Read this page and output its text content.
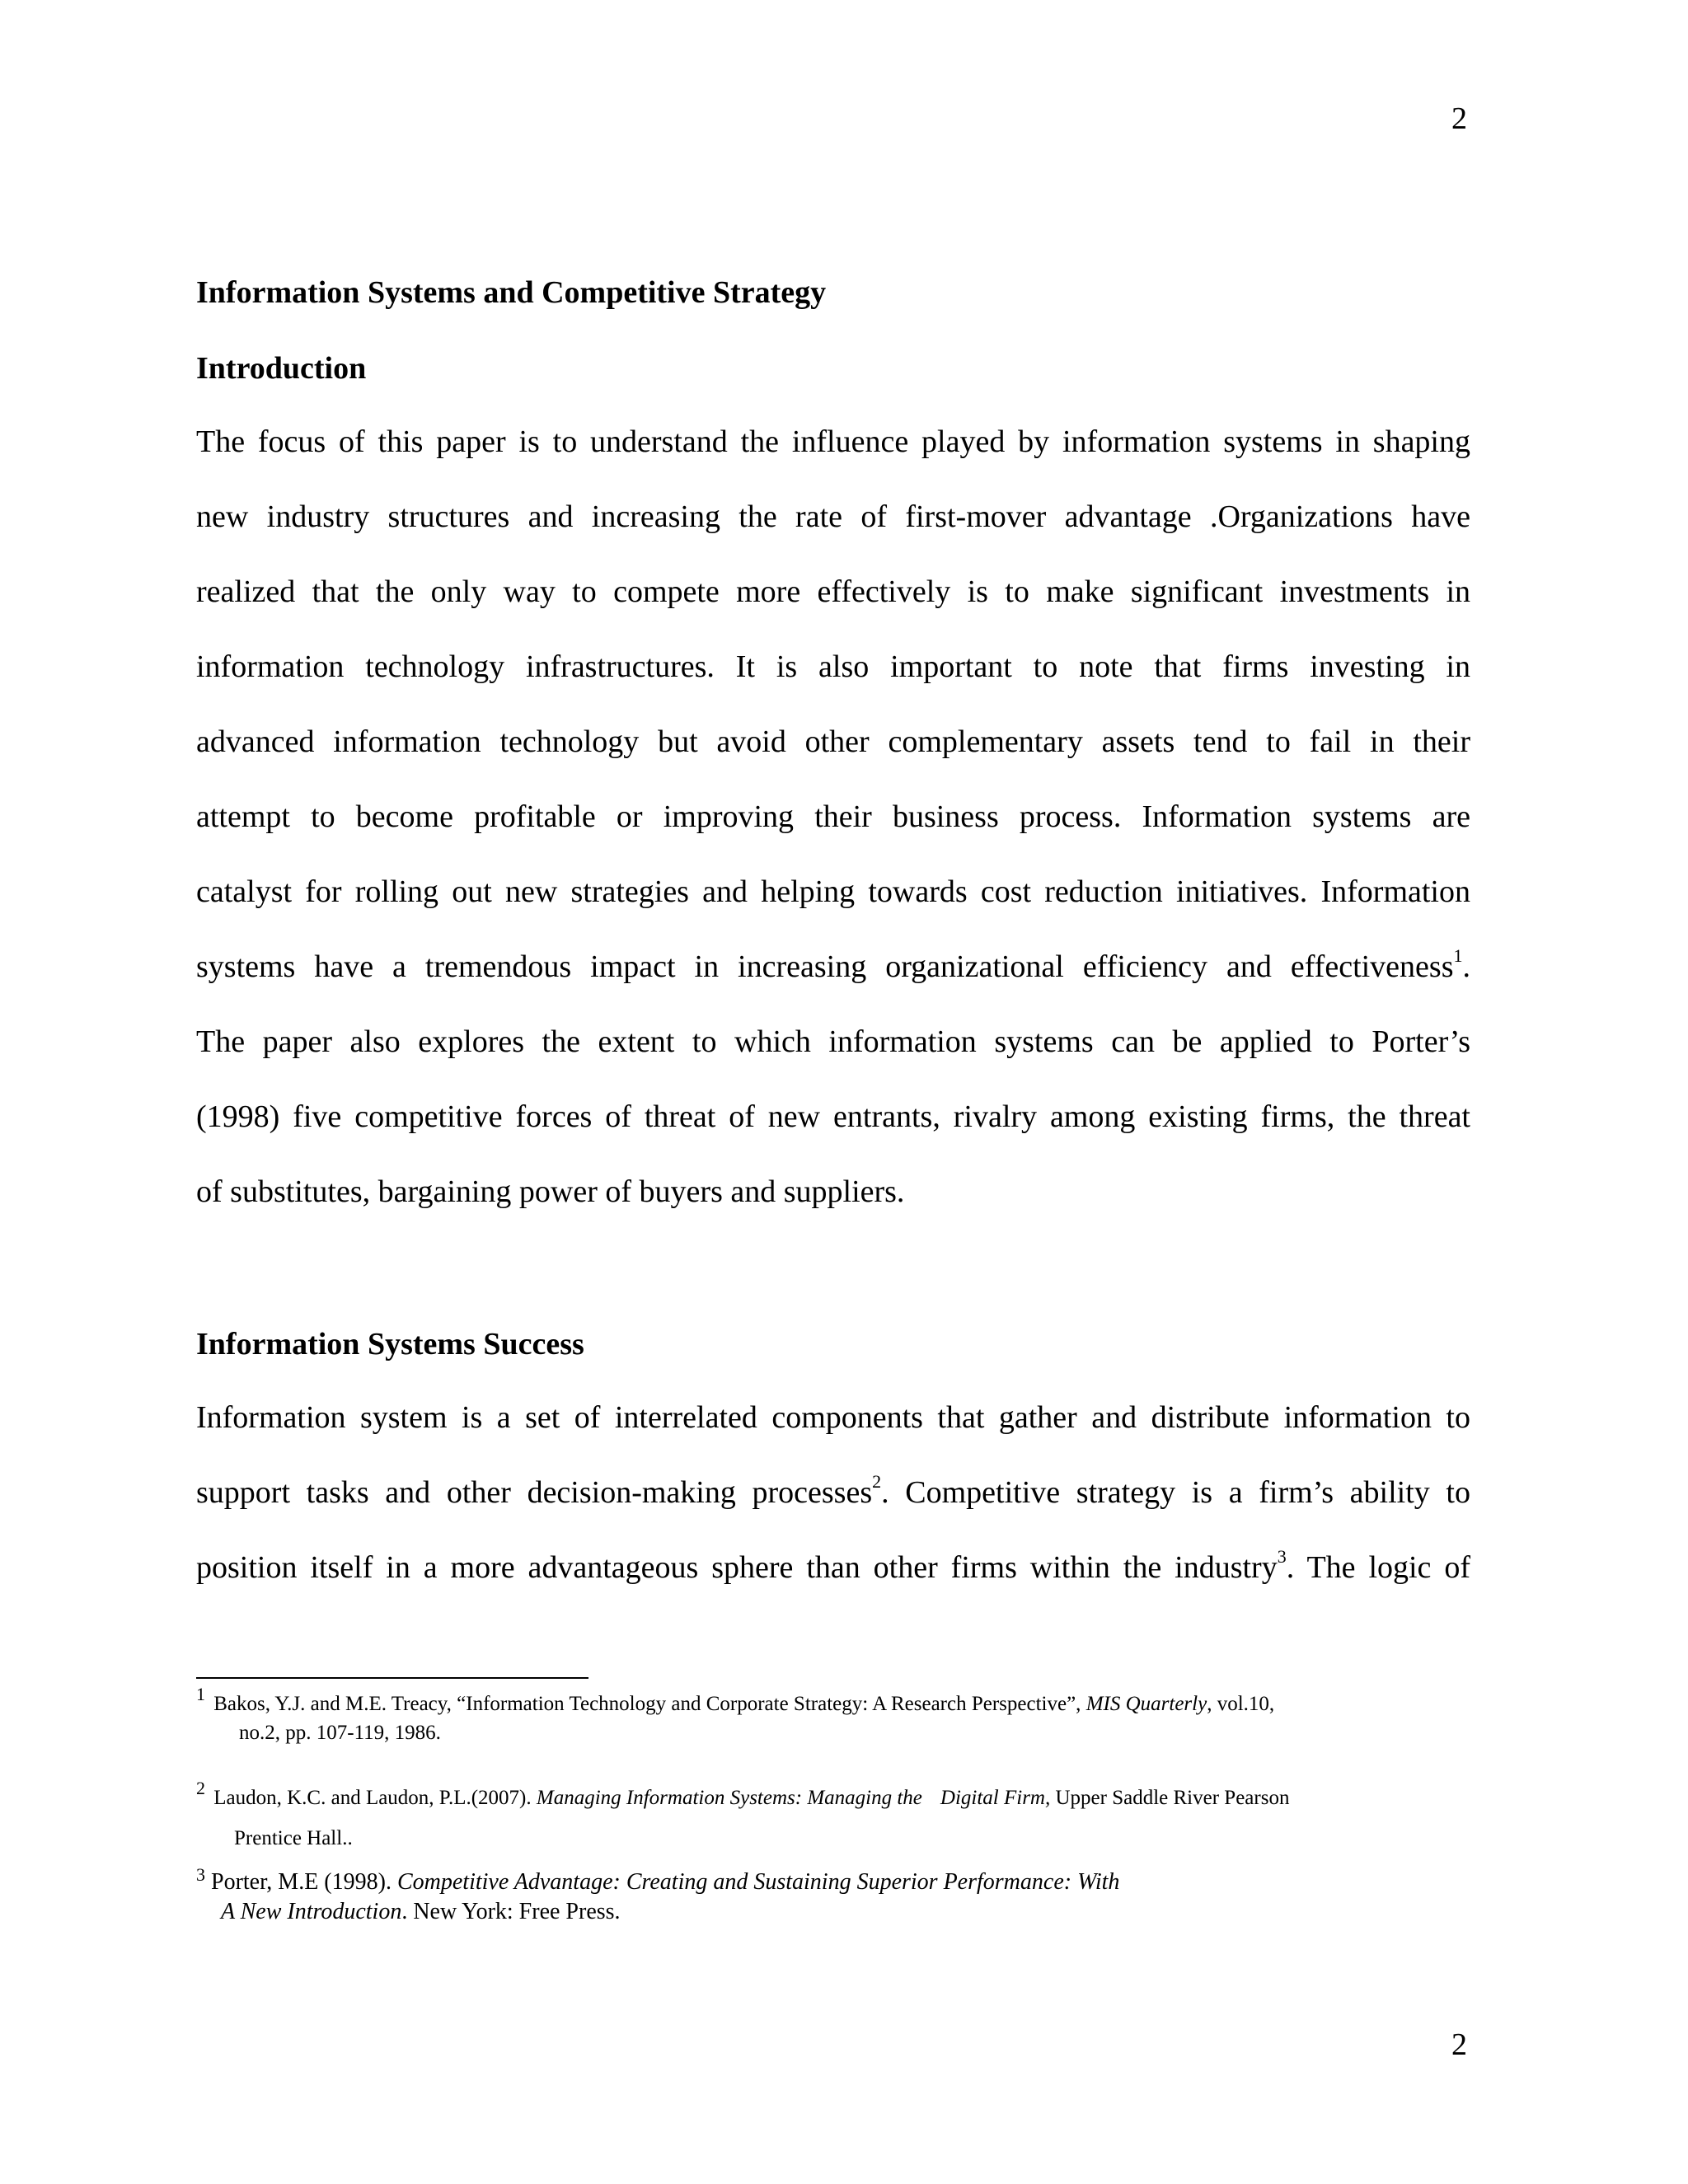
2
Information Systems and Competitive Strategy
Introduction
The focus of this paper is to understand the influence played by information systems in shaping
new industry structures and increasing the rate of first-mover advantage .Organizations have
realized that the only way to compete more effectively is to make significant investments in
information technology infrastructures. It is also important to note that firms investing in
advanced information technology but avoid other complementary assets tend to fail in their
attempt to become profitable or improving their business process. Information systems are
catalyst for rolling out new strategies and helping towards cost reduction initiatives. Information
systems have a tremendous impact in increasing organizational efficiency and effectiveness$^1$.
The paper also explores the extent to which information systems can be applied to Porter’s
(1998) five competitive forces of threat of new entrants, rivalry among existing firms, the threat
of substitutes, bargaining power of buyers and suppliers.
Information Systems Success
Information system is a set of interrelated components that gather and distribute information to
support tasks and other decision-making processes$^2$. Competitive strategy is a firm’s ability to
position itself in a more advantageous sphere than other firms within the industry$^3$. The logic of
1 Bakos, Y.J. and M.E. Treacy, “Information Technology and Corporate Strategy: A Research Perspective”, MIS Quarterly, vol.10,
no.2, pp. 107-119, 1986.
2 Laudon, K.C. and Laudon, P.L.(2007). Managing Information Systems: Managing the Digital Firm, Upper Saddle River Pearson
Prentice Hall..
$^3$ Porter, M.E (1998). Competitive Advantage: Creating and Sustaining Superior Performance: With
A New Introduction. New York: Free Press.
2
